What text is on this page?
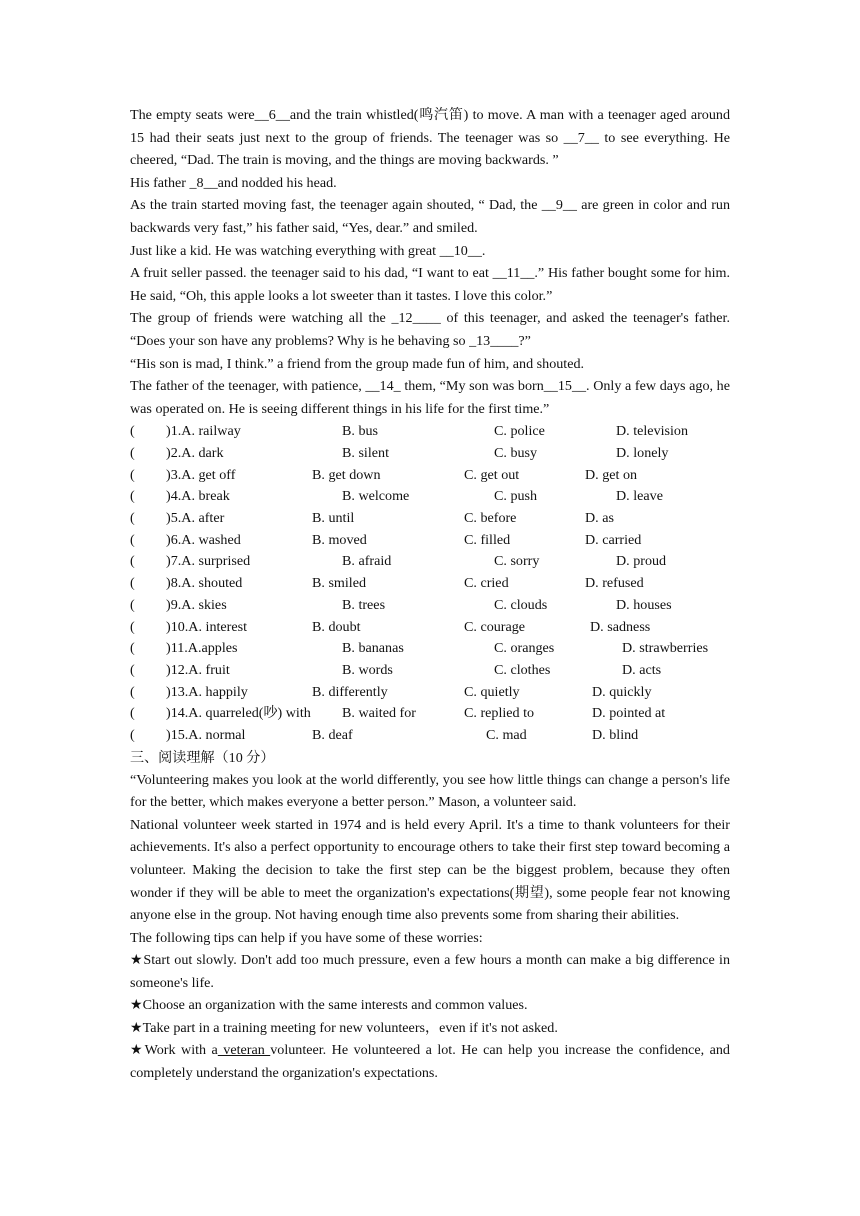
The empty seats were__6__and the train whistled(鸣汽笛) to move. A man with a teenager aged around 15 had their seats just next to the group of friends. The teenager was so __7__ to see everything. He cheered, “Dad. The train is moving, and the things are moving backwards. ”

His father _8__and nodded his head.

As the train started moving fast, the teenager again shouted, “ Dad, the __9__ are green in color and run backwards very fast,” his father said, “Yes, dear.” and smiled.

Just like a kid. He was watching everything with great __10__.

A fruit seller passed. the teenager said to his dad, “I want to eat __11__.” His father bought some for him. He said, “Oh, this apple looks a lot sweeter than it tastes. I love this color.”

The group of friends were watching all the _12____ of this teenager, and asked the teenager's father. “Does your son have any problems? Why is he behaving so _13____?”

“His son is mad, I think.” a friend from the group made fun of him, and shouted.

The father of the teenager, with patience, __14_ them, “My son was born__15__. Only a few days ago, he was operated on. He is seeing different things in his life for the first time.”

( )1.A. railway	B. bus	C. police	D. television
( )2.A. dark	B. silent	C. busy	D. lonely
( )3.A. get off	B. get down	C. get out	D. get on
( )4.A. break	B. welcome	C. push	D. leave
( )5.A. after	B. until	C. before	D. as
( )6.A. washed	B. moved	C. filled	D. carried
( )7.A. surprised	B. afraid	C. sorry	D. proud
( )8.A. shouted	B. smiled	C. cried	D. refused
( )9.A. skies	B. trees	C. clouds	D. houses
( )10.A. interest	B. doubt	C. courage	D. sadness
( )11.A.apples	B. bananas	C. oranges	D. strawberries
( )12.A. fruit	B. words	C. clothes	D. acts
( )13.A. happily	B. differently	C. quietly	D. quickly
( )14.A. quarreled(吵) with B. waited for	C. replied to	D. pointed at
( )15.A. normal	B. deaf	C. mad	D. blind

三、阅读理解（10 分）

“Volunteering makes you look at the world differently, you see how little things can change a person's life for the better, which makes everyone a better person.” Mason, a volunteer said.

National volunteer week started in 1974 and is held every April. It's a time to thank volunteers for their achievements. It's also a perfect opportunity to encourage others to take their first step toward becoming a volunteer. Making the decision to take the first step can be the biggest problem, because they often wonder if they will be able to meet the organization's expectations(期望), some people fear not knowing anyone else in the group. Not having enough time also prevents some from sharing their abilities.

The following tips can help if you have some of these worries:

★Start out slowly. Don't add too much pressure, even a few hours a month can make a big difference in someone's life.

★Choose an organization with the same interests and common values.

★Take part in a training meeting for new volunteers，even if it's not asked.

★Work with a veteran volunteer. He volunteered a lot. He can help you increase the confidence, and completely understand the organization's expectations.
